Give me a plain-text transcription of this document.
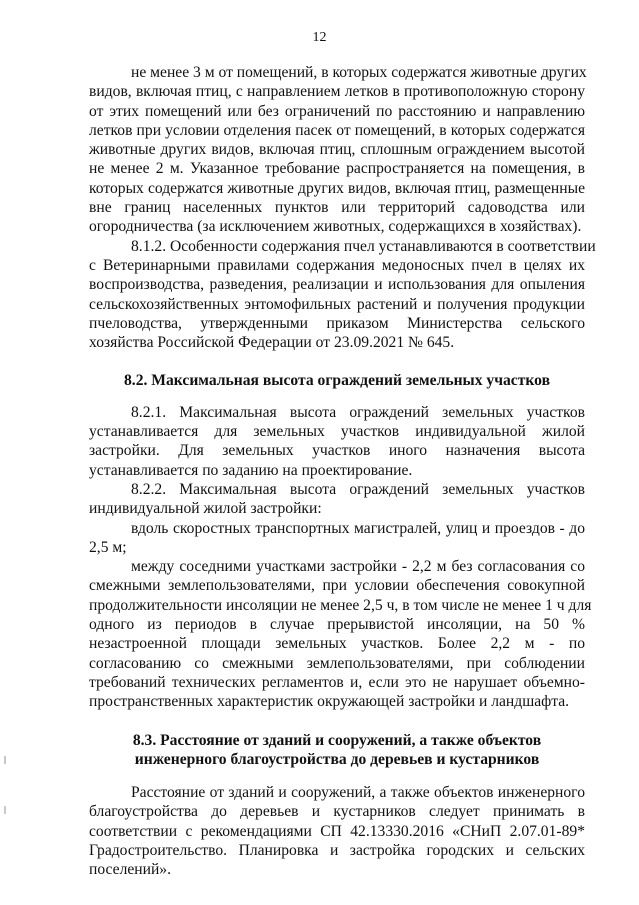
12
не менее 3 м от помещений, в которых содержатся животные других
видов, включая птиц, с направлением летков в противоположную сторону
от этих помещений или без ограничений по расстоянию и направлению
летков при условии отделения пасек от помещений, в которых содержатся
животные других видов, включая птиц, сплошным ограждением высотой
не менее 2 м. Указанное требование распространяется на помещения, в
которых содержатся животные других видов, включая птиц, размещенные
вне границ населенных пунктов или территорий садоводства или
огородничества (за исключением животных, содержащихся в хозяйствах).
8.1.2. Особенности содержания пчел устанавливаются в соответствии
с Ветеринарными правилами содержания медоносных пчел в целях их
воспроизводства, разведения, реализации и использования для опыления
сельскохозяйственных энтомофильных растений и получения продукции
пчеловодства, утвержденными приказом Министерства сельского
хозяйства Российской Федерации от 23.09.2021 № 645.
8.2. Максимальная высота ограждений земельных участков
8.2.1. Максимальная высота ограждений земельных участков
устанавливается для земельных участков индивидуальной жилой
застройки. Для земельных участков иного назначения высота
устанавливается по заданию на проектирование.
8.2.2. Максимальная высота ограждений земельных участков
индивидуальной жилой застройки:
вдоль скоростных транспортных магистралей, улиц и проездов - до
2,5 м;
между соседними участками застройки - 2,2 м без согласования со
смежными землепользователями, при условии обеспечения совокупной
продолжительности инсоляции не менее 2,5 ч, в том числе не менее 1 ч для
одного из периодов в случае прерывистой инсоляции, на 50 %
незастроенной площади земельных участков. Более 2,2 м - по
согласованию со смежными землепользователями, при соблюдении
требований технических регламентов и, если это не нарушает объемно-
пространственных характеристик окружающей застройки и ландшафта.
8.3. Расстояние от зданий и сооружений, а также объектов
инженерного благоустройства до деревьев и кустарников
Расстояние от зданий и сооружений, а также объектов инженерного
благоустройства до деревьев и кустарников следует принимать в
соответствии с рекомендациями СП 42.13330.2016 «СНиП 2.07.01-89*
Градостроительство. Планировка и застройка городских и сельских
поселений».
